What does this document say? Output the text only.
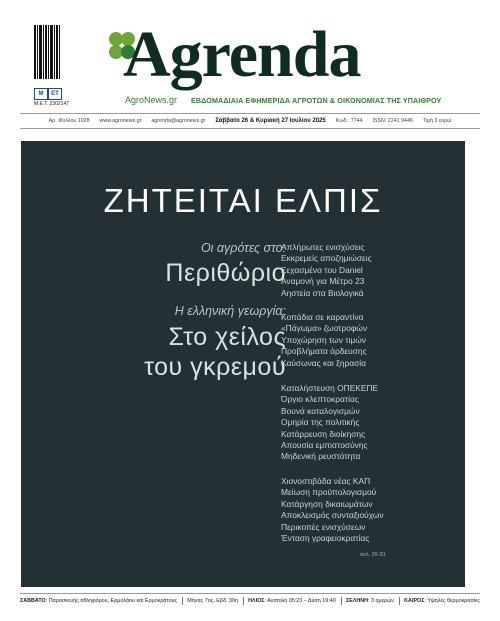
Μ	ΕΤ
Μ.Ε.Τ. 2302147
Agrenda
AgroNews.gr ΕΒΔΟΜΑΔΙΑΙΑ ΕΦΗΜΕΡΙΔΑ ΑΓΡΟΤΩΝ & ΟΙΚΟΝΟΜΙΑΣ ΤΗΣ ΥΠΑΙΘΡΟΥ
Αρ. Φύλλου 1028 www.agronews.gr agrenda@agronews.gr Σάββατο 26 & Κυριακή 27 Ιουλίου 2025 Κωδ.: 7744 ISSN: 2241 9446 Τιμή 3 ευρώ
ΖΗΤΕΙΤΑΙ ΕΛΠΙΣ
Οι αγρότες στο:
Περιθώριο
Η ελληνική γεωργία:
Στο χείλος
του γκρεμού
Απλήρωτες ενισχύσεις
Εκκρεμείς αποζημιώσεις
Ξεχασμένα του Daniel
Αναμονή για Μέτρο 23
Αηστεία στα Βιολογικά
Κοπάδια σε καραντίνα
«Πάγωμα» ζωοτροφών
Υποχώρηση των τιμών
Προβλήματα άρδευσης
Καύσωνας και ξηρασία
Καταλήστευση ΟΠΕΚΕΠΕ
Όργιο κλεπτοκρατίας
Βουνά καταλογισμών
Ομηρία της πολιτικής
Κατάρρευση διοίκησης
Απουσία εμπιστοσύνης
Μηδενική ρευστότητα
Χιονοστιβάδα νέας ΚΑΠ
Μείωση προϋπολογισμού
Κατάργηση δικαιωμάτων
Αποκλεισμός συνταξιούχων
Περικοπές ενισχύσεων
Ένταση γραφειοκρατίας
σελ. 26-31
ΣΑΒΒΑΤΟ: Παρασκευής αθληφόρου, Ερμολάου και Ερμοκράτους Μήνας 7ος, Εβδ. 30η ΗΛΙΟΣ: Ανατολή 05:23 – Δύση 19:40 ΣΕΛΗΝΗ: 3 ημερών ΚΑΙΡΟΣ: Υψηλές θερμοκρασίες
